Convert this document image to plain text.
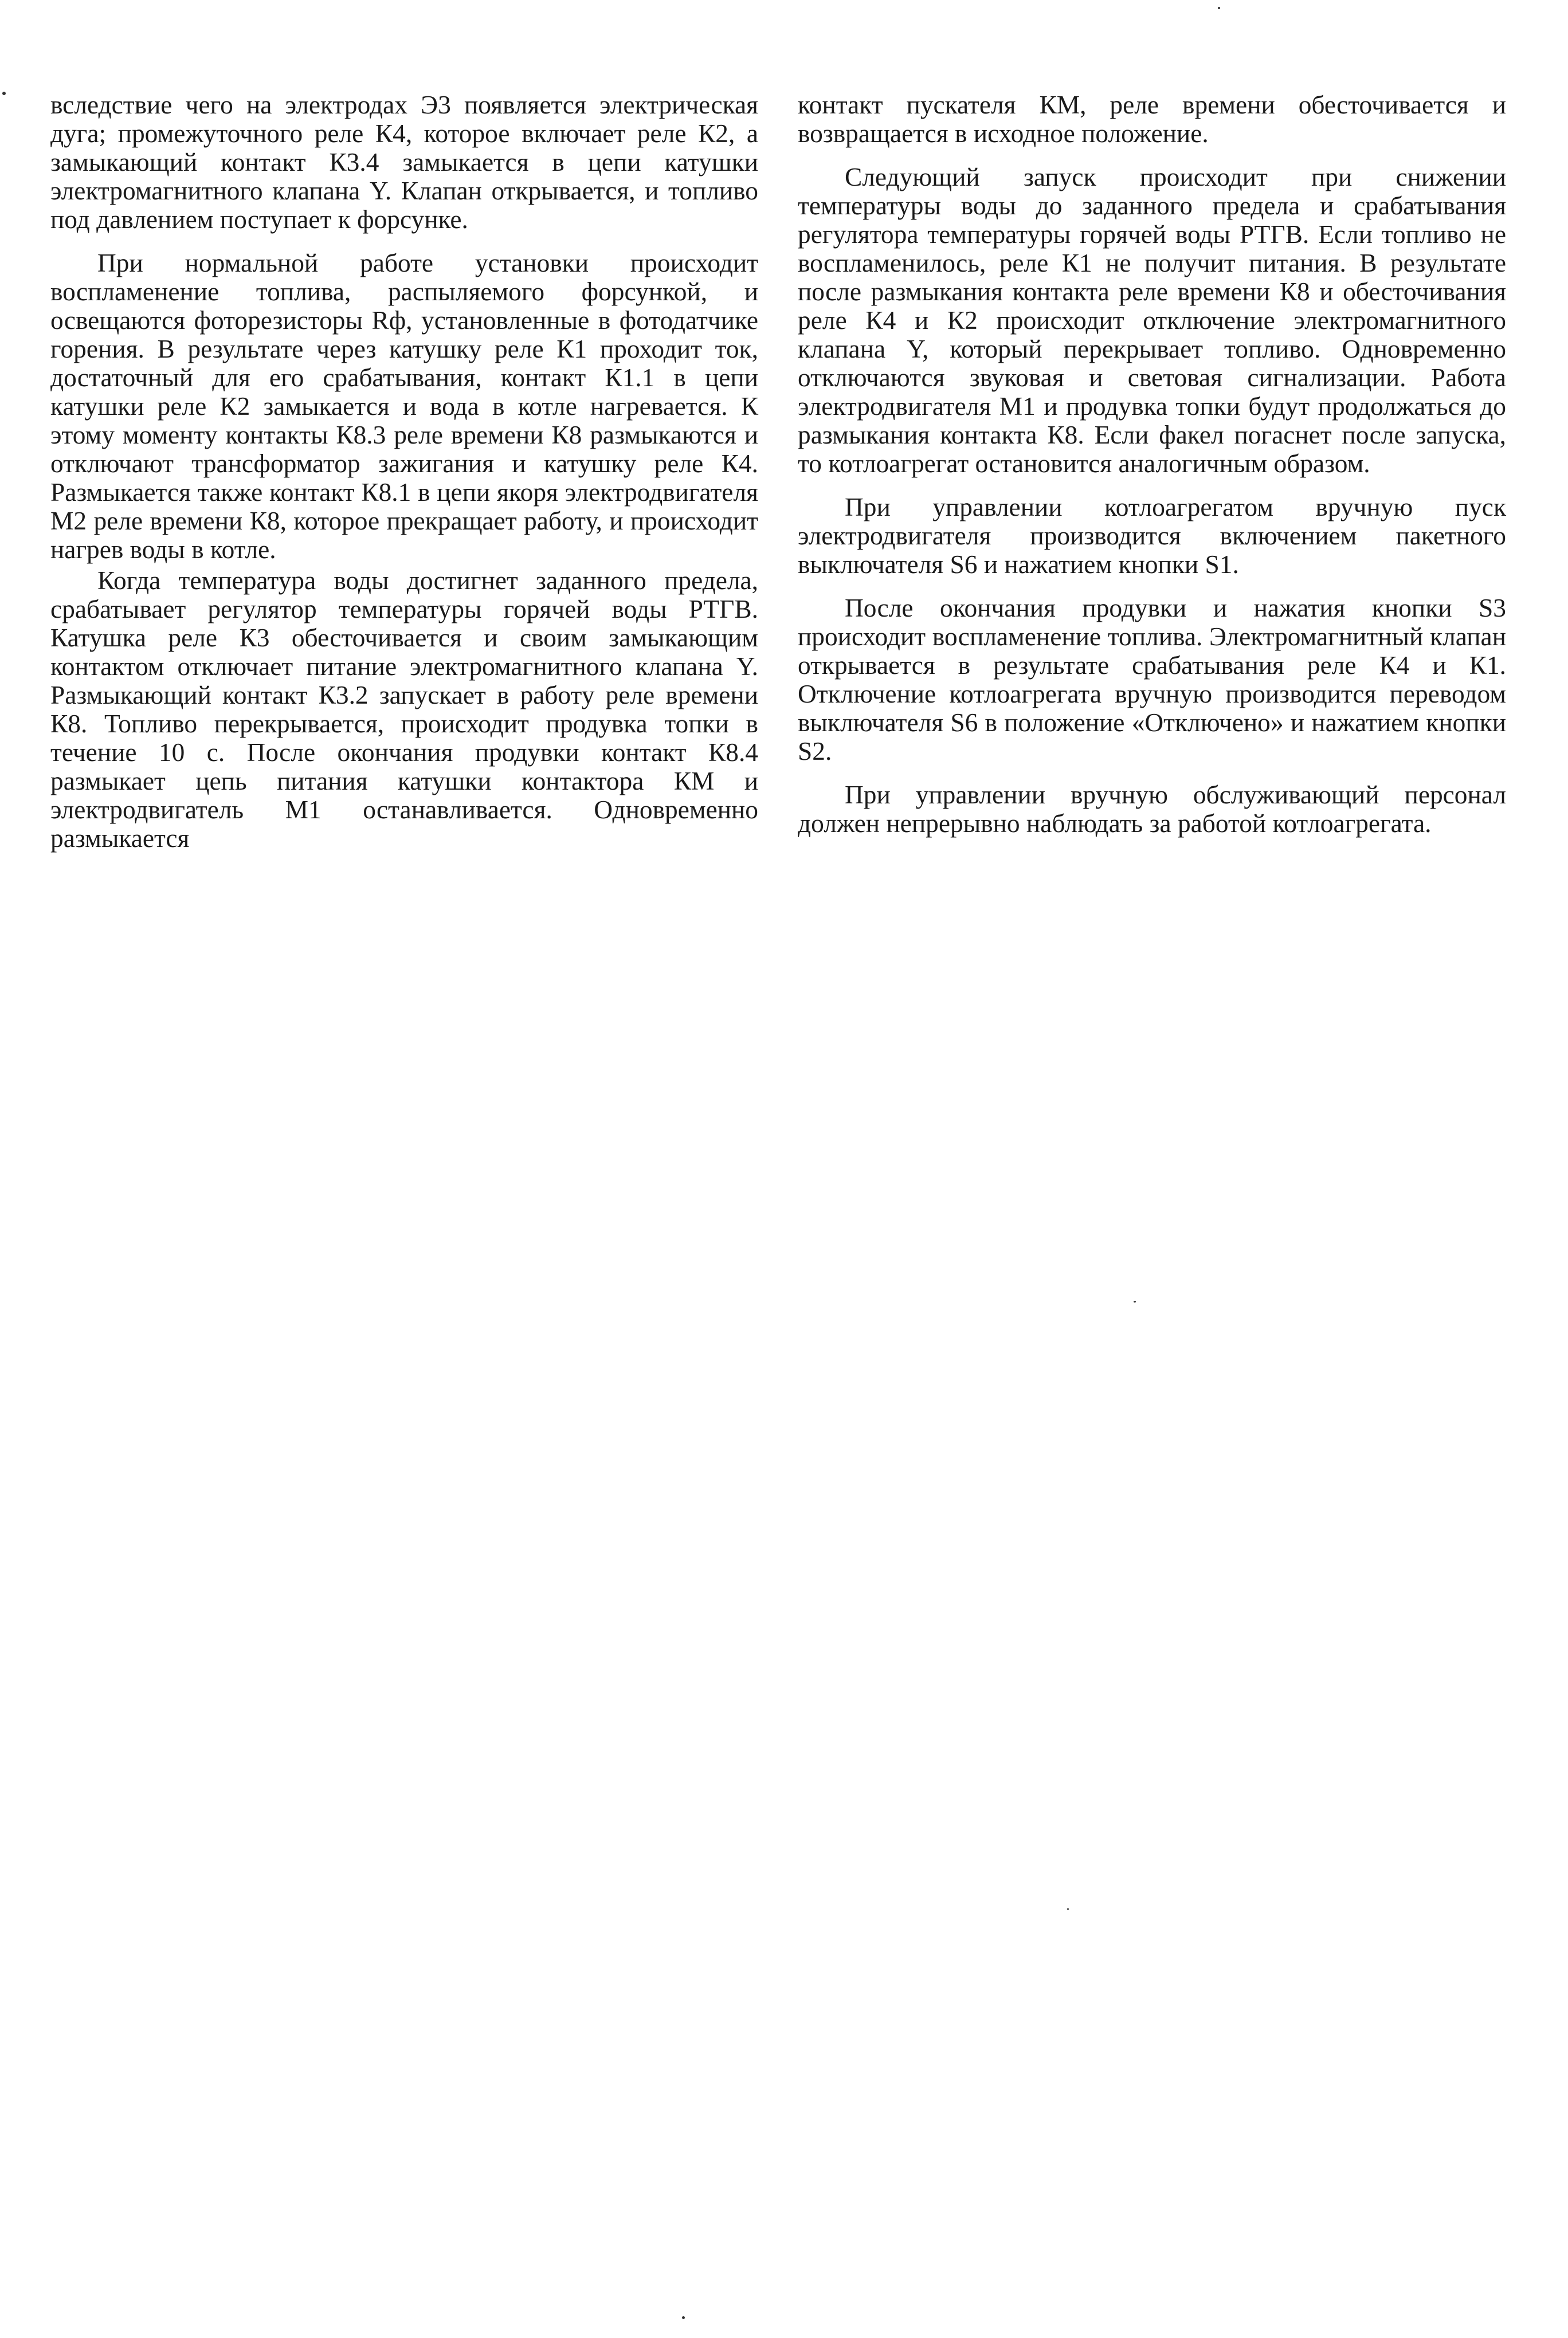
вследствие чего на электродах Э3 появляется электрическая дуга; промежуточного реле К4, которое включает реле К2, а замыкающий контакт К3.4 замыкается в цепи катушки электромагнитного клапана Y. Клапан открывается, и топливо под давлением поступает к форсунке.

При нормальной работе установки происходит воспламенение топлива, распыляемого форсункой, и освещаются фоторезисторы Rф, установленные в фотодатчике горения. В результате через катушку реле К1 проходит ток, достаточный для его срабатывания, контакт К1.1 в цепи катушки реле К2 замыкается и вода в котле нагревается. К этому моменту контакты К8.3 реле времени К8 размыкаются и отключают трансформатор зажигания и катушку реле К4. Размыкается также контакт К8.1 в цепи якоря электродвигателя М2 реле времени К8, которое прекращает работу, и происходит нагрев воды в котле.

Когда температура воды достигнет заданного предела, срабатывает регулятор температуры горячей воды РТГВ. Катушка реле К3 обесточивается и своим замыкающим контактом отключает питание электромагнитного клапана Y. Размыкающий контакт К3.2 запускает в работу реле времени К8. Топливо перекрывается, происходит продувка топки в течение 10 с. После окончания продувки контакт К8.4 размыкает цепь питания катушки контактора КМ и электродвигатель М1 останавливается. Одновременно размыкается

контакт пускателя КМ, реле времени обесточивается и возвращается в исходное положение.

Следующий запуск происходит при снижении температуры воды до заданного предела и срабатывания регулятора температуры горячей воды РТГВ. Если топливо не воспламенилось, реле К1 не получит питания. В результате после размыкания контакта реле времени К8 и обесточивания реле К4 и К2 происходит отключение электромагнитного клапана Y, который перекрывает топливо. Одновременно отключаются звуковая и световая сигнализации. Работа электродвигателя М1 и продувка топки будут продолжаться до размыкания контакта К8. Если факел погаснет после запуска, то котлоагрегат остановится аналогичным образом.

При управлении котлоагрегатом вручную пуск электродвигателя производится включением пакетного выключателя S6 и нажатием кнопки S1.

После окончания продувки и нажатия кнопки S3 происходит воспламенение топлива. Электромагнитный клапан открывается в результате срабатывания реле К4 и К1. Отключение котлоагрегата вручную производится переводом выключателя S6 в положение «Отключено» и нажатием кнопки S2.

При управлении вручную обслуживающий персонал должен непрерывно наблюдать за работой котлоагрегата.
